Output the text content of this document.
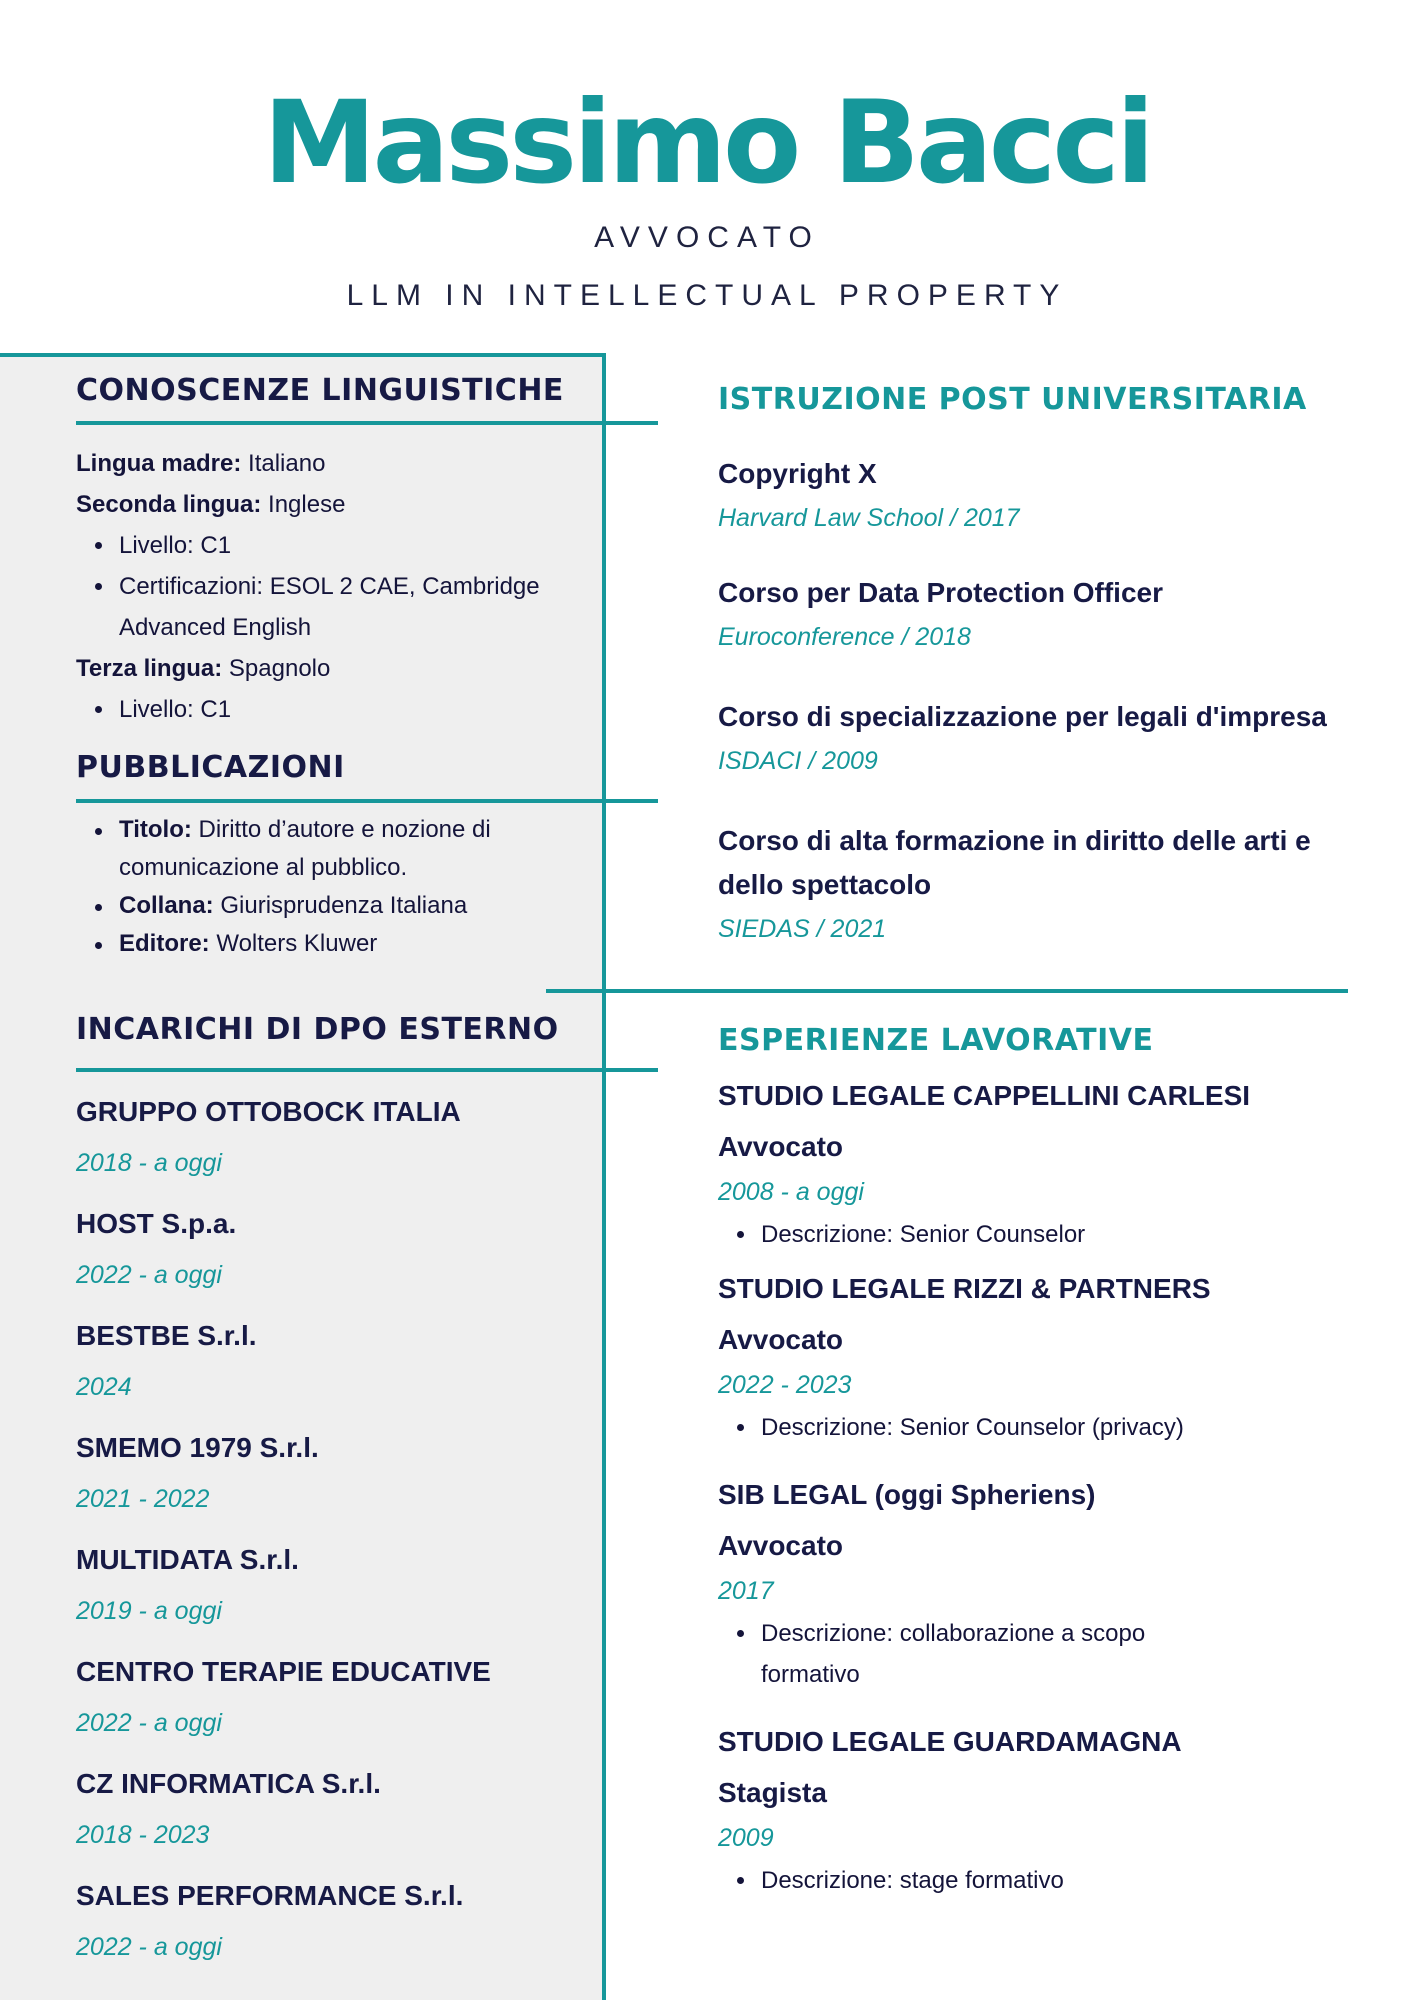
Massimo Bacci
AVVOCATO
LLM IN INTELLECTUAL PROPERTY
CONOSCENZE LINGUISTICHE
Lingua madre: Italiano
Seconda lingua: Inglese
Livello: C1
Certificazioni: ESOL 2 CAE, Cambridge
Advanced English
Terza lingua: Spagnolo
Livello: C1
PUBBLICAZIONI
Titolo: Diritto d’autore e nozione di
comunicazione al pubblico.
Collana: Giurisprudenza Italiana
Editore: Wolters Kluwer
INCARICHI DI DPO ESTERNO
GRUPPO OTTOBOCK ITALIA
2018 - a oggi
HOST S.p.a.
2022 - a oggi
BESTBE S.r.l.
2024
SMEMO 1979 S.r.l.
2021 - 2022
MULTIDATA S.r.l.
2019 - a oggi
CENTRO TERAPIE EDUCATIVE
2022 - a oggi
CZ INFORMATICA S.r.l.
2018 - 2023
SALES PERFORMANCE S.r.l.
2022 - a oggi
ISTRUZIONE POST UNIVERSITARIA
Copyright X
Harvard Law School / 2017
Corso per Data Protection Officer
Euroconference / 2018
Corso di specializzazione per legali d'impresa
ISDACI / 2009
Corso di alta formazione in diritto delle arti e
dello spettacolo
SIEDAS / 2021
ESPERIENZE LAVORATIVE
STUDIO LEGALE CAPPELLINI CARLESI
Avvocato
2008 - a oggi
Descrizione: Senior Counselor
STUDIO LEGALE RIZZI & PARTNERS
Avvocato
2022 - 2023
Descrizione: Senior Counselor (privacy)
SIB LEGAL (oggi Spheriens)
Avvocato
2017
Descrizione: collaborazione a scopo
formativo
STUDIO LEGALE GUARDAMAGNA
Stagista
2009
Descrizione: stage formativo
